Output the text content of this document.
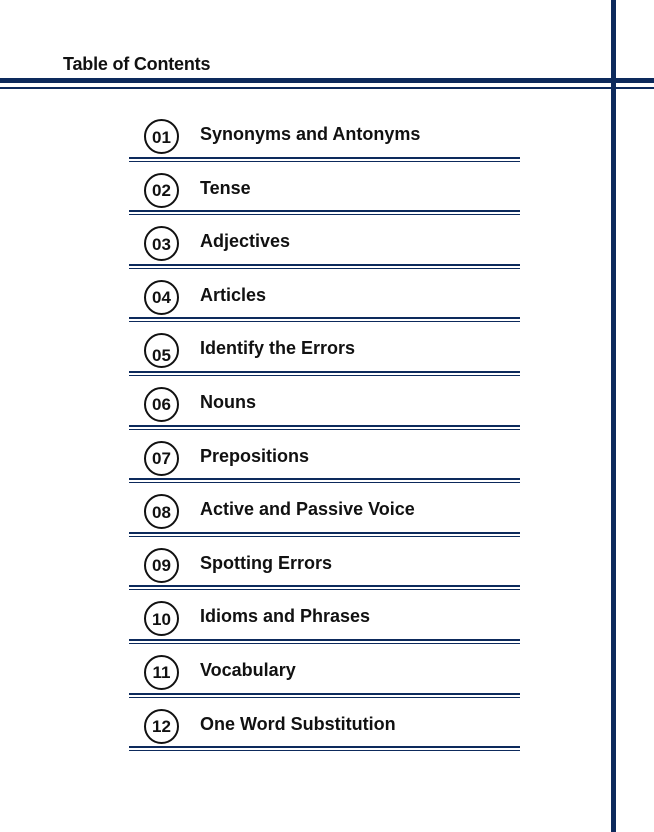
Table of Contents
01	Synonyms and Antonyms
02	Tense
03	Adjectives
04	Articles
05	Identify the Errors
06	Nouns
07	Prepositions
08	Active and Passive Voice
09	Spotting Errors
10	Idioms and Phrases
11	Vocabulary
12	One Word Substitution
